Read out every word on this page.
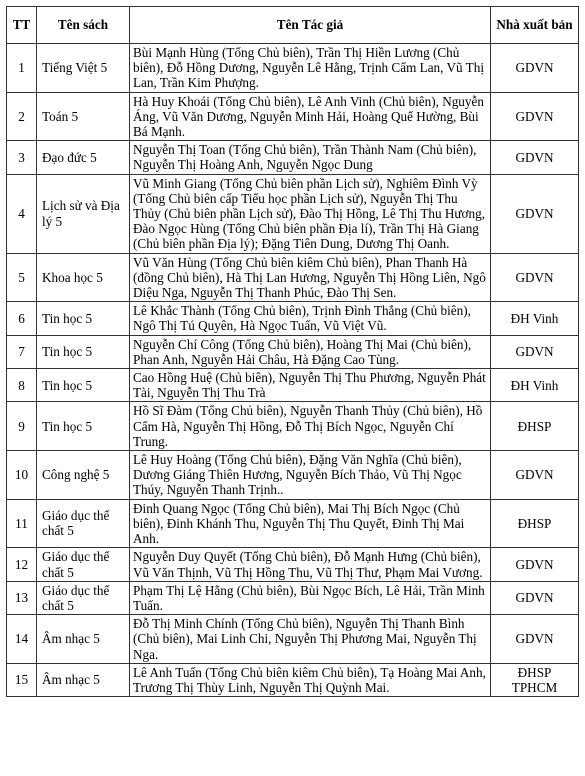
TT	Tên sách	Tên Tác giả	Nhà xuất bản
1	Tiếng Việt 5	Bùi Mạnh Hùng (Tổng Chủ biên), Trần Thị Hiền Lương (Chủ biên), Đỗ Hồng Dương, Nguyễn Lê Hằng, Trịnh Cẩm Lan, Vũ Thị Lan, Trần Kim Phượng.	GDVN
2	Toán 5	Hà Huy Khoái (Tổng Chủ biên), Lê Anh Vinh (Chủ biên), Nguyễn Áng, Vũ Văn Dương, Nguyễn Minh Hải, Hoàng Quế Hường, Bùi Bá Mạnh.	GDVN
3	Đạo đức 5	Nguyễn Thị Toan (Tổng Chủ biên), Trần Thành Nam (Chủ biên), Nguyễn Thị Hoàng Anh, Nguyễn Ngọc Dung	GDVN
4	Lịch sử và Địa lý 5	Vũ Minh Giang (Tổng Chủ biên phần Lịch sử), Nghiêm Đình Vỳ (Tổng Chủ biên cấp Tiểu học phần Lịch sử), Nguyễn Thị Thu Thủy (Chủ biên phần Lịch sử), Đào Thị Hồng, Lê Thị Thu Hương, Đào Ngọc Hùng (Tổng Chủ biên phần Địa lí), Trần Thị Hà Giang (Chủ biên phần Địa lý); Đặng Tiên Dung, Dương Thị Oanh.	GDVN
5	Khoa học 5	Vũ Văn Hùng (Tổng Chủ biên kiêm Chủ biên), Phan Thanh Hà (đồng Chủ biên), Hà Thị Lan Hương, Nguyễn Thị Hồng Liên, Ngô Diệu Nga, Nguyễn Thị Thanh Phúc, Đào Thị Sen.	GDVN
6	Tin học 5	Lê Khắc Thành (Tổng Chủ biên), Trịnh Đình Thắng (Chủ biên), Ngô Thị Tú Quyên, Hà Ngọc Tuấn, Vũ Việt Vũ.	ĐH Vinh
7	Tin học 5	Nguyễn Chí Công (Tổng Chủ biên), Hoàng Thị Mai (Chủ biên), Phan Anh, Nguyễn Hải Châu, Hà Đặng Cao Tùng.	GDVN
8	Tin học 5	Cao Hồng Huệ (Chủ biên), Nguyễn Thị Thu Phương, Nguyễn Phát Tài, Nguyễn Thị Thu Trà	ĐH Vinh
9	Tin học 5	Hồ Sĩ Đàm (Tổng Chủ biên), Nguyễn Thanh Thủy (Chủ biên), Hồ Cẩm Hà, Nguyễn Thị Hồng, Đỗ Thị Bích Ngọc, Nguyễn Chí Trung.	ĐHSP
10	Công nghệ 5	Lê Huy Hoàng (Tổng Chủ biên), Đặng Văn Nghĩa (Chủ biên), Dương Giáng Thiên Hương, Nguyễn Bích Thảo, Vũ Thị Ngọc Thúy, Nguyễn Thanh Trịnh..	GDVN
11	Giáo dục thể chất 5	Đinh Quang Ngọc (Tổng Chủ biên), Mai Thị Bích Ngọc (Chủ biên), Đinh Khánh Thu, Nguyễn Thị Thu Quyết, Đinh Thị Mai Anh.	ĐHSP
12	Giáo dục thể chất 5	Nguyễn Duy Quyết (Tổng Chủ biên), Đỗ Mạnh Hưng (Chủ biên), Vũ Văn Thịnh, Vũ Thị Hồng Thu, Vũ Thị Thư, Phạm Mai Vương.	GDVN
13	Giáo dục thể chất 5	Phạm Thị Lệ Hằng (Chủ biên), Bùi Ngọc Bích, Lê Hải, Trần Minh Tuấn.	GDVN
14	Âm nhạc 5	Đỗ Thị Minh Chính (Tổng Chủ biên), Nguyễn Thị Thanh Bình (Chủ biên), Mai Linh Chi, Nguyễn Thị Phương Mai, Nguyễn Thị Nga.	GDVN
15	Âm nhạc 5	Lê Anh Tuấn (Tổng Chủ biên kiêm Chủ biên), Tạ Hoàng Mai Anh, Trương Thị Thùy Linh, Nguyễn Thị Quỳnh Mai.	ĐHSP TPHCM
